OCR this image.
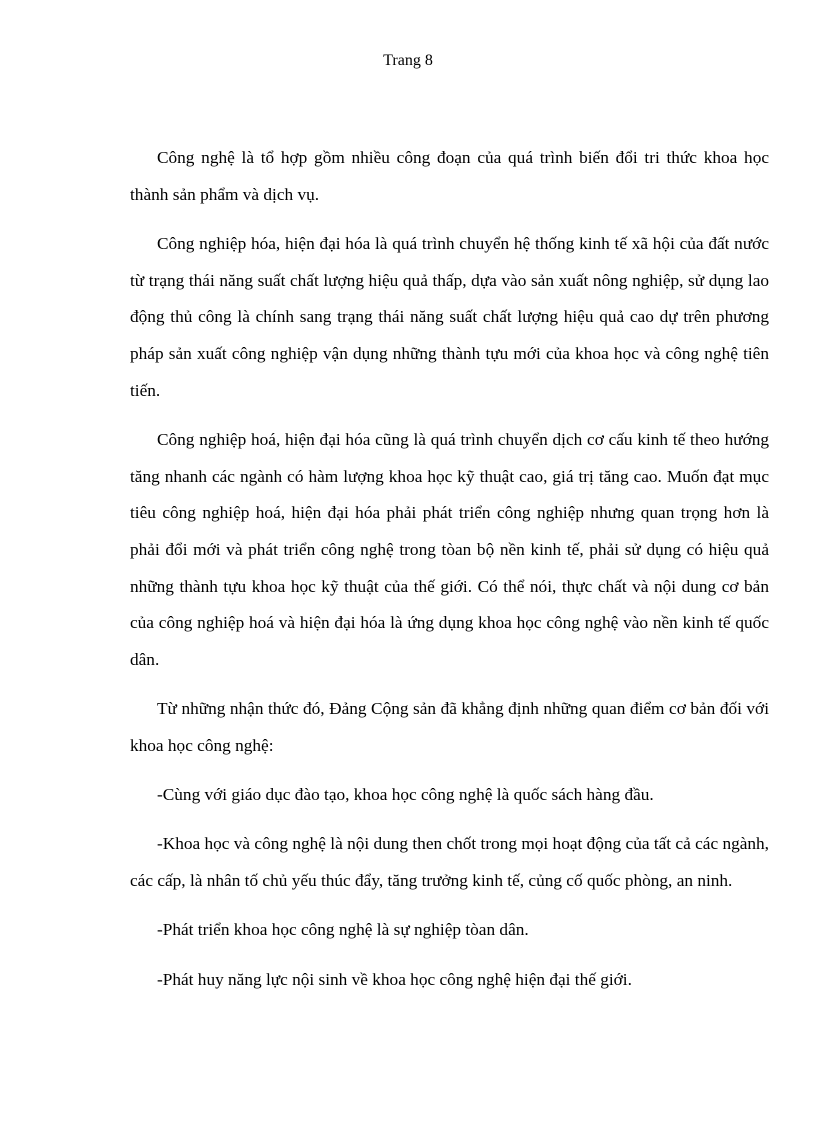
Trang 8

Công nghệ là tổ hợp gồm nhiều công đoạn của quá trình biến đổi tri thức khoa học thành sản phẩm và dịch vụ.

Công nghiệp hóa, hiện đại hóa là quá trình chuyển hệ thống kinh tế xã hội của đất nước từ trạng thái năng suất chất lượng hiệu quả thấp, dựa vào sản xuất nông nghiệp, sử dụng lao động thủ công là chính sang trạng thái năng suất chất lượng hiệu quả cao dự trên phương pháp sản xuất công nghiệp vận dụng những thành tựu mới của khoa học và công nghệ tiên tiến.

Công nghiệp hoá, hiện đại hóa cũng là quá trình chuyển dịch cơ cấu kinh tế theo hướng tăng nhanh các ngành có hàm lượng khoa học kỹ thuật cao, giá trị tăng cao. Muốn đạt mục tiêu công nghiệp hoá, hiện đại hóa phải phát triển công nghiệp nhưng quan trọng hơn là phải đổi mới và phát triển công nghệ trong tòan bộ nền kinh tế, phải sử dụng có hiệu quả những thành tựu khoa học kỹ thuật của thế giới. Có thể nói, thực chất và nội dung cơ bản của công nghiệp hoá và hiện đại hóa là ứng dụng khoa học công nghệ vào nền kinh tế quốc dân.

Từ những nhận thức đó, Đảng Cộng sản đã khẳng định những quan điểm cơ bản đối với khoa học công nghệ:

-Cùng với giáo dục đào tạo, khoa học công nghệ là quốc sách hàng đầu.

-Khoa học và công nghệ là nội dung then chốt trong mọi hoạt động của tất cả các ngành, các cấp, là nhân tố chủ yếu thúc đẩy, tăng trưởng kinh tế, củng cố quốc phòng, an ninh.

-Phát triển khoa học công nghệ là sự nghiệp tòan dân.

-Phát huy năng lực nội sinh về khoa học công nghệ hiện đại thế giới.
